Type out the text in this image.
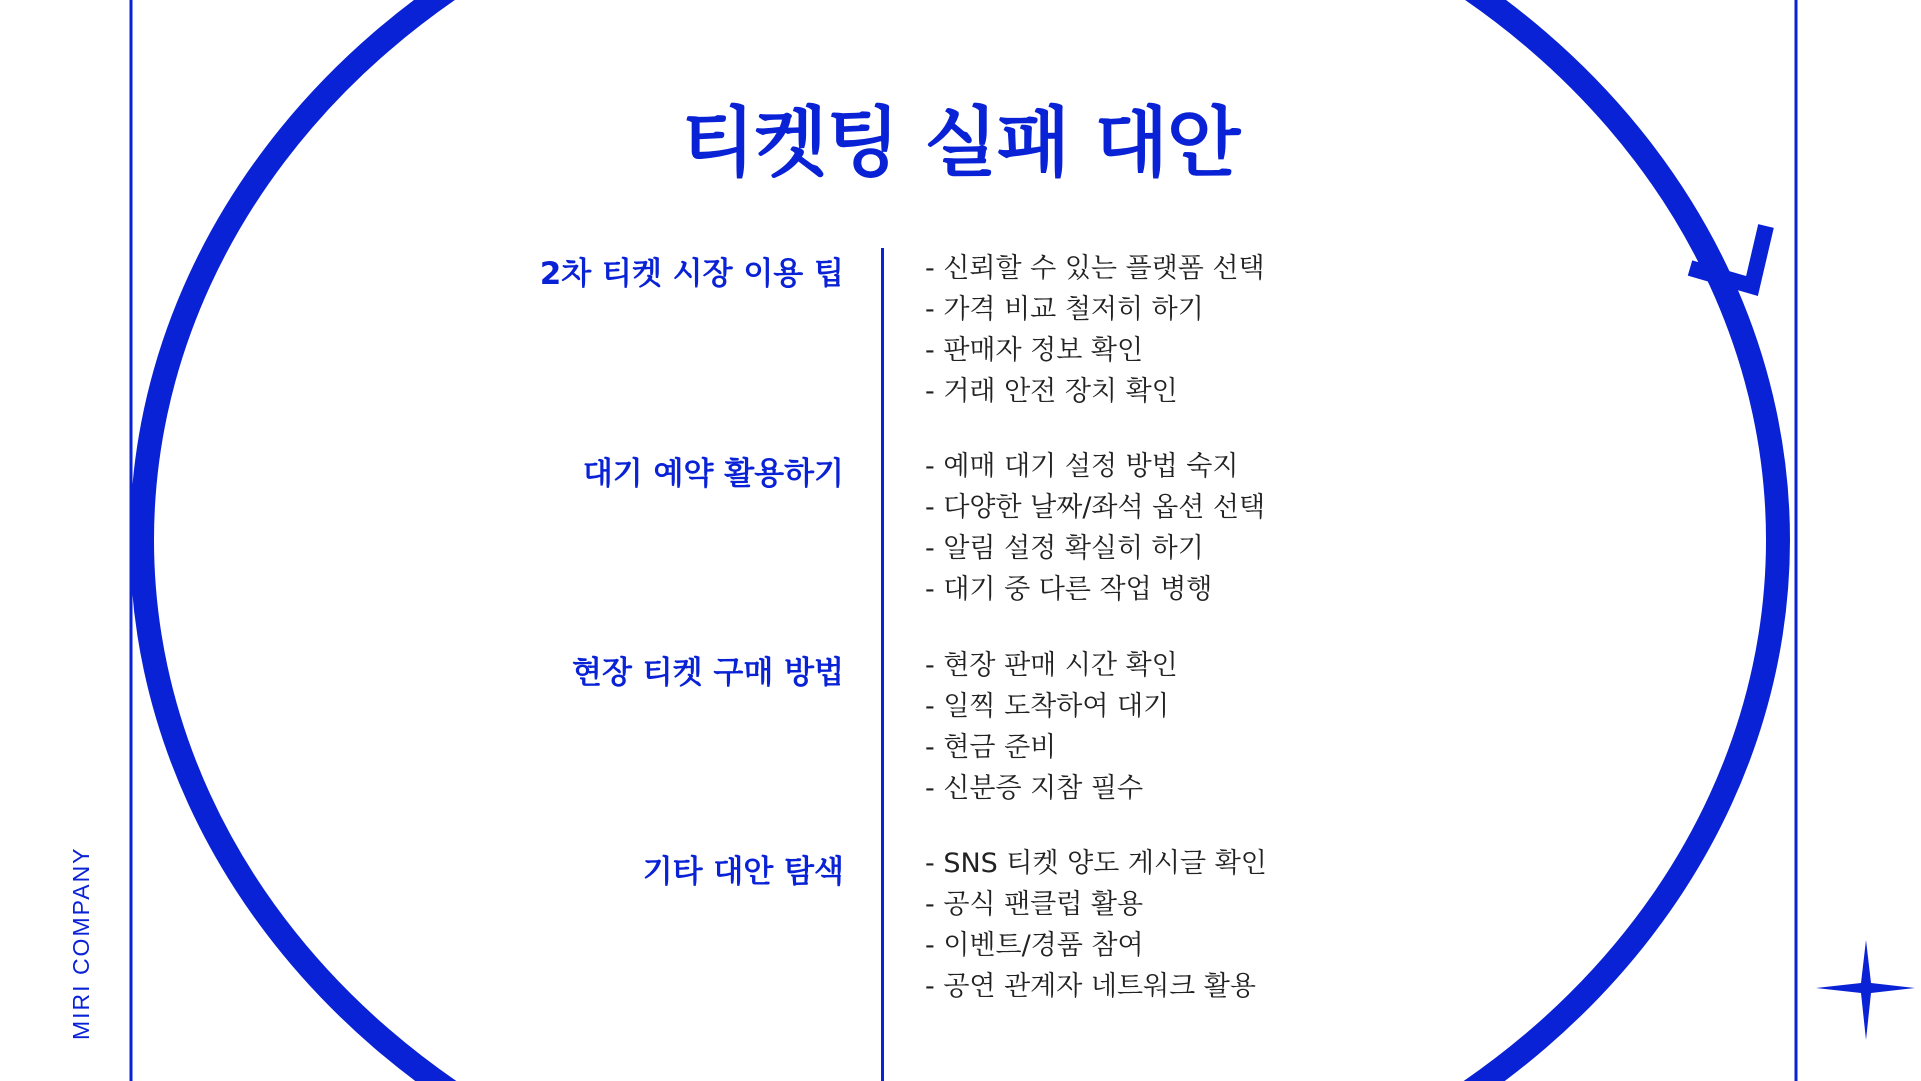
티켓팅 실패 대안
MIRI COMPANY
2차 티켓 시장 이용 팁	- 신뢰할 수 있는 플랫폼 선택
- 가격 비교 철저히 하기
- 판매자 정보 확인
- 거래 안전 장치 확인
대기 예약 활용하기	- 예매 대기 설정 방법 숙지
- 다양한 날짜/좌석 옵션 선택
- 알림 설정 확실히 하기
- 대기 중 다른 작업 병행
현장 티켓 구매 방법	- 현장 판매 시간 확인
- 일찍 도착하여 대기
- 현금 준비
- 신분증 지참 필수
기타 대안 탐색	- SNS 티켓 양도 게시글 확인
- 공식 팬클럽 활용
- 이벤트/경품 참여
- 공연 관계자 네트워크 활용
